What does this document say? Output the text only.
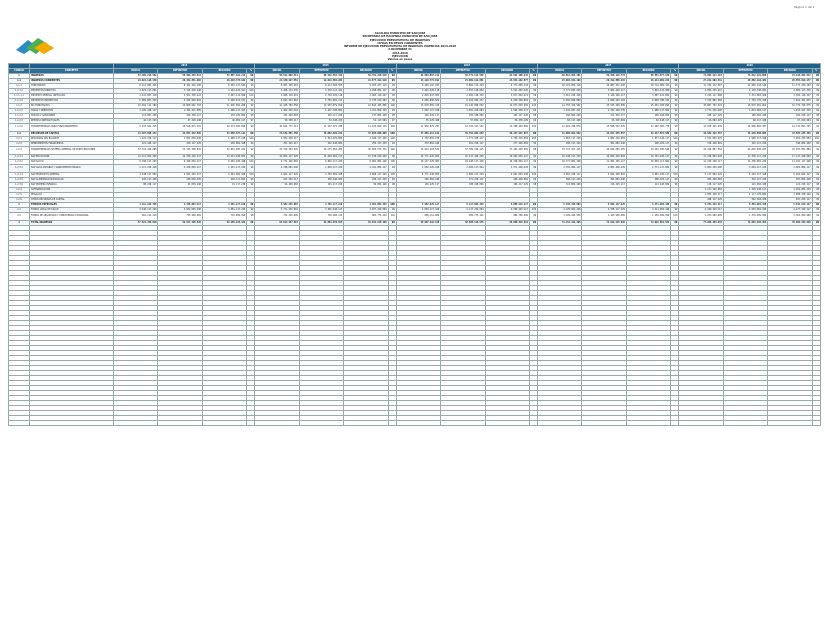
Página 1 de 1
ALCALDIA MUNICIPIO DE SAN JOSE
SECRETARIA DE HACIENDA MUNICIPIO DE SAN JOSE
EJECUCIÓN PRESUPUESTAL DE INGRESOS
CIFRAS EN PESOS CORRIENTES
INFORME DE EJECUCIÓN PRESUPUESTAL DE INGRESOS VIGENCIAS 2014-2018
A DICIEMBRE 31
2014-2018
EJECUCIÓN
Valores en pesos
		2014				2015				2016				2017				2018			
CÓDIGO	CONCEPTO	INICIAL	DEFINITIVO	RECAUDO	%	INICIAL	DEFINITIVO	RECAUDO	%	INICIAL	DEFINITIVO	RECAUDO	%	INICIAL	DEFINITIVO	RECAUDO	%	INICIAL	DEFINITIVO	RECAUDO	%
1	INGRESOS	53.409.216.562	55.309.204.411	54.887.101.213	99	58.512.009.311	60.102.553.414	59.781.220.918	99	61.004.887.211	63.771.114.530	62.992.100.244	99	66.812.993.201	69.440.118.772	68.551.877.104	99	71.903.224.118	74.012.991.006	73.118.204.513	99
1.1	INGRESOS CORRIENTES	19.022.118.430	20.441.881.902	20.318.774.102	99	21.330.127.551	22.019.884.203	21.877.412.910	99	23.118.774.012	24.009.112.881	23.844.102.577	99	25.004.331.109	26.412.880.115	26.114.009.224	99	27.221.904.331	28.882.110.402	28.553.019.177	99
1.1.1	TRIBUTARIOS	8.112.004.221	8.441.220.109	8.392.117.842	99	8.901.338.201	9.112.004.553	9.033.227.110	99	9.448.118.702	9.882.114.229	9.771.009.118	99	10.221.004.118	10.887.441.220	10.712.900.331	99	11.334.112.007	11.902.118.440	11.773.220.102	99
1.1.1.1	IMPUESTOS DIRECTOS	3.022.117.001	3.114.220.448	3.101.442.911	100	3.208.114.339	3.330.112.441	3.298.004.117	99	3.441.220.118	3.557.118.002	3.511.440.226	99	3.771.003.229	3.902.448.117	3.844.112.009	99	4.001.229.447	4.118.340.002	4.082.117.339	99
1.1.1.1.1	IMPUESTO PREDIAL UNIFICADO	2.441.007.118	2.502.338.441	2.497.112.009	100	2.600.118.441	2.704.229.118	2.683.110.447	99	2.810.447.002	2.902.118.339	2.877.004.221	99	3.011.229.448	3.120.448.117	3.087.221.004	99	3.224.117.008	3.331.002.449	3.302.118.227	99
1.1.1.2	IMPUESTOS INDIRECTOS	5.089.887.220	5.326.999.661	5.290.674.931	99	5.693.223.862	5.781.892.112	5.735.222.993	99	6.006.898.584	6.324.996.227	6.259.568.892	99	6.450.000.889	6.984.993.103	6.868.788.322	99	7.332.882.560	7.783.778.438	7.691.101.875	99
1.1.2	NO TRIBUTARIOS	10.910.114.209	12.000.661.793	11.926.656.260	99	12.428.789.350	12.907.879.650	12.844.185.800	100	13.670.655.310	14.126.998.652	14.073.093.459	100	14.783.326.991	15.525.438.895	15.401.108.893	99	15.887.792.324	16.979.991.962	16.779.799.075	99
1.1.2.1	TASAS Y DERECHOS	1.220.448.117	1.304.221.009	1.288.117.443	99	1.402.229.118	1.447.338.002	1.431.004.229	99	1.502.117.448	1.581.229.004	1.566.338.117	99	1.644.007.221	1.702.448.339	1.688.117.004	99	1.771.229.448	1.833.004.117	1.812.447.229	99
1.1.2.2	MULTAS Y SANCIONES	112.007.448	120.338.117	118.229.004	98	131.448.002	140.117.229	137.004.448	98	148.229.117	155.338.004	152.117.229	98	160.004.448	171.229.117	168.448.002	98	180.117.229	188.004.448	184.229.117	98
1.1.2.3	RENTAS CONTRACTUALES	44.117.229	47.229.448	46.004.117	97	50.338.117	52.448.229	51.117.004	97	55.229.448	57.004.117	56.338.229	99	60.117.448	63.229.004	62.448.117	99	66.004.229	68.117.448	67.229.004	99
1.1.2.4	TRANSFERENCIAS PARA FUNCIONAMIENTO	9.533.541.415	10.528.873.219	10.474.305.696	99	10.844.773.113	11.267.975.190	11.224.060.119	100	11.964.979.297	12.333.427.527	12.298.299.884	100	12.919.198.874	13.588.532.435	13.482.095.770	99	13.870.441.639	14.890.866.387	14.715.893.725	99
1.2	RECURSOS DE CAPITAL	34.387.098.132	34.867.322.509	34.568.327.111	99	37.181.881.760	38.082.669.211	37.903.808.008	100	37.886.113.199	39.762.001.649	39.147.997.667	98	41.808.662.092	43.027.238.657	42.437.867.880	99	44.681.319.787	45.130.880.604	44.565.185.336	99
1.2.1	RECURSOS DEL BALANCE	1.441.229.117	1.502.004.448	1.498.117.229	100	1.601.448.117	1.644.229.004	1.640.117.448	100	1.702.004.229	1.771.448.117	1.766.229.004	100	1.803.117.448	1.882.229.004	1.877.448.117	100	1.921.004.229	1.998.117.448	1.991.229.004	100
1.2.2	RENDIMIENTOS FINANCIEROS	221.448.117	240.117.229	238.004.448	99	251.229.117	262.448.004	259.117.229	99	270.004.448	281.229.117	277.448.004	99	290.117.229	301.004.448	298.229.117	99	310.448.004	322.117.229	318.004.448	99
1.2.3	TRANSFERENCIAS SISTEMA GENERAL DE PARTICIPACIONES	32.724.420.898	33.125.200.832	32.832.205.434	99	35.329.204.526	36.175.992.203	36.004.573.331	100	35.914.104.522	37.709.324.415	37.104.320.659	98	39.715.427.415	40.844.005.205	40.262.190.646	99	42.449.867.554	42.810.645.927	42.255.951.884	99
1.2.3.1	SGP EDUCACIÓN	14.112.004.448	14.338.229.117	14.221.448.004	99	15.004.117.229	15.448.004.117	15.338.229.448	99	15.771.229.004	16.117.448.229	15.902.004.117	99	16.448.117.229	16.882.229.004	16.701.448.117	99	17.229.004.448	17.338.117.229	17.117.448.004	99
1.2.3.2	SGP SALUD	9.338.117.229	9.448.004.117	9.402.229.448	100	9.771.448.004	9.902.117.229	9.881.004.448	100	10.117.229.004	10.448.117.229	10.338.004.117	99	10.771.004.448	11.004.229.117	10.902.117.004	99	11.229.448.117	11.338.004.229	11.221.117.448	99
1.2.3.3	SGP AGUA POTABLE Y SANEAMIENTO BÁSICO	2.117.229.448	2.229.004.117	2.201.117.229	99	2.338.004.448	2.448.117.229	2.421.004.117	99	2.502.229.448	2.604.117.004	2.571.448.229	99	2.702.004.117	2.801.448.229	2.771.117.004	99	2.902.229.448	3.004.117.229	2.981.004.117	99
1.2.3.4	SGP PROPÓSITO GENERAL	4.448.117.004	4.502.229.117	4.481.004.448	100	4.601.117.229	4.702.004.448	4.688.117.229	100	4.771.448.004	4.882.117.229	4.861.004.448	100	4.902.229.117	5.004.448.004	4.981.229.117	100	5.117.004.229	5.229.117.448	5.201.004.117	99
1.2.3.5	SGP ALIMENTACIÓN ESCOLAR	220.117.448	230.004.229	228.117.004	99	241.229.117	250.448.004	248.117.229	99	260.004.448	271.229.117	268.448.004	99	280.117.229	291.004.448	288.229.117	99	301.448.004	310.117.229	307.004.448	99
1.2.3.6	SGP PRIMERA INFANCIA	88.229.117	92.004.448	91.117.229	99	96.448.004	101.117.229	99.004.448	98	104.229.117	108.448.004	106.117.229	98	112.004.448	116.229.117	114.448.004	98	120.117.229	124.004.448	122.229.117	98
1.2.4	COFINANCIACIÓN																	1.117.229.004	1.229.448.117	1.201.004.229	98
1.2.5	REGALÍAS																	2.004.448.117	2.117.229.004	2.088.448.229	99
1.2.6	OTROS RECURSOS DE CAPITAL																	448.117.229	502.004.448	497.229.117	99
2	FONDOS ESPECIALES	4.112.229.448	4.338.004.117	4.301.117.229	99	4.502.448.004	4.702.117.229	4.681.004.448	100	4.902.229.117	5.117.004.448	5.088.229.117	99	5.338.448.004	5.502.117.229	5.471.004.448	99	5.702.229.117	5.881.004.448	5.842.229.117	99
2.1	FONDO LOCAL DE SALUD	3.448.117.229	3.602.004.448	3.581.117.229	99	3.771.229.004	3.902.448.117	3.877.229.004	99	4.004.117.448	4.117.229.004	4.098.448.117	100	4.229.004.448	4.338.117.229	4.311.004.448	99	4.448.229.117	4.502.004.448	4.477.229.117	99
2.2	FONDO DE SEGURIDAD Y CONVIVENCIA CIUDADANA	664.112.219	735.999.669	719.999.999	98	731.218.999	799.668.112	803.775.444	101	898.111.669	999.775.444	989.780.999	99	1.109.443.556	1.163.999.999	1.159.999.999	100	1.253.999.999	1.378.999.999	1.364.999.999	99
3	TOTAL INGRESOS	57.521.446.010	59.647.208.528	59.188.218.442	99	63.014.457.315	64.804.670.643	64.462.225.366	99	65.907.116.328	68.888.118.978	68.080.329.361	99	72.151.441.205	74.942.235.999	74.022.881.552	99	77.605.453.235	79.893.995.454	78.960.433.630	99
